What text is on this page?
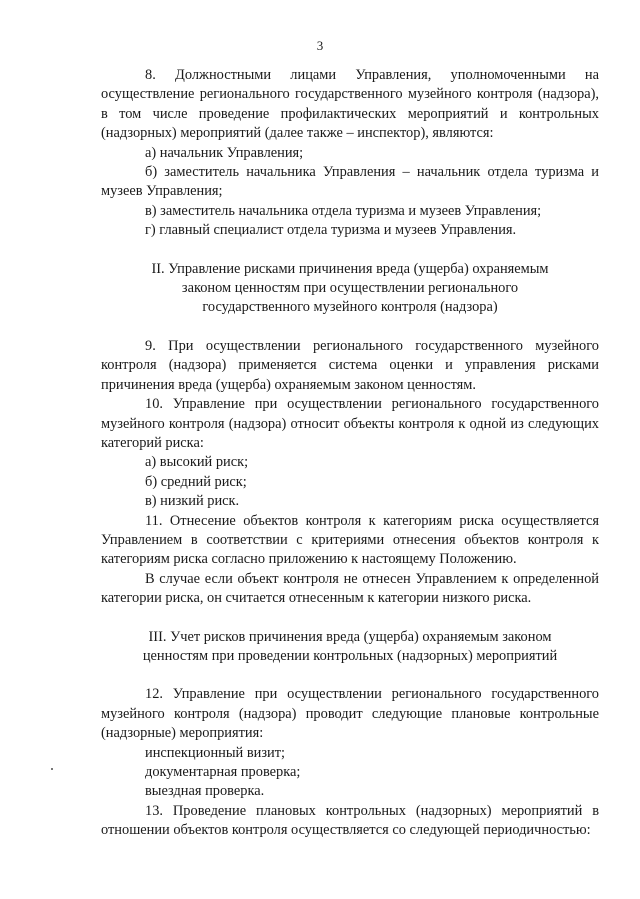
3

8. Должностными лицами Управления, уполномоченными на осуществление регионального государственного музейного контроля (надзора), в том числе проведение профилактических мероприятий и контрольных (надзорных) мероприятий (далее также – инспектор), являются:

а) начальник Управления;

б) заместитель начальника Управления – начальник отдела туризма и музеев Управления;

в) заместитель начальника отдела туризма и музеев Управления;

г) главный специалист отдела туризма и музеев Управления.

II. Управление рисками причинения вреда (ущерба) охраняемым законом ценностям при осуществлении регионального государственного музейного контроля (надзора)

9. При осуществлении регионального государственного музейного контроля (надзора) применяется система оценки и управления рисками причинения вреда (ущерба) охраняемым законом ценностям.

10. Управление при осуществлении регионального государственного музейного контроля (надзора) относит объекты контроля к одной из следующих категорий риска:

а) высокий риск;

б) средний риск;

в) низкий риск.

11. Отнесение объектов контроля к категориям риска осуществляется Управлением в соответствии с критериями отнесения объектов контроля к категориям риска согласно приложению к настоящему Положению.

В случае если объект контроля не отнесен Управлением к определенной категории риска, он считается отнесенным к категории низкого риска.

III. Учет рисков причинения вреда (ущерба) охраняемым законом ценностям при проведении контрольных (надзорных) мероприятий

12. Управление при осуществлении регионального государственного музейного контроля (надзора) проводит следующие плановые контрольные (надзорные) мероприятия:

инспекционный визит;

документарная проверка;

выездная проверка.

13. Проведение плановых контрольных (надзорных) мероприятий в отношении объектов контроля осуществляется со следующей периодичностью:
